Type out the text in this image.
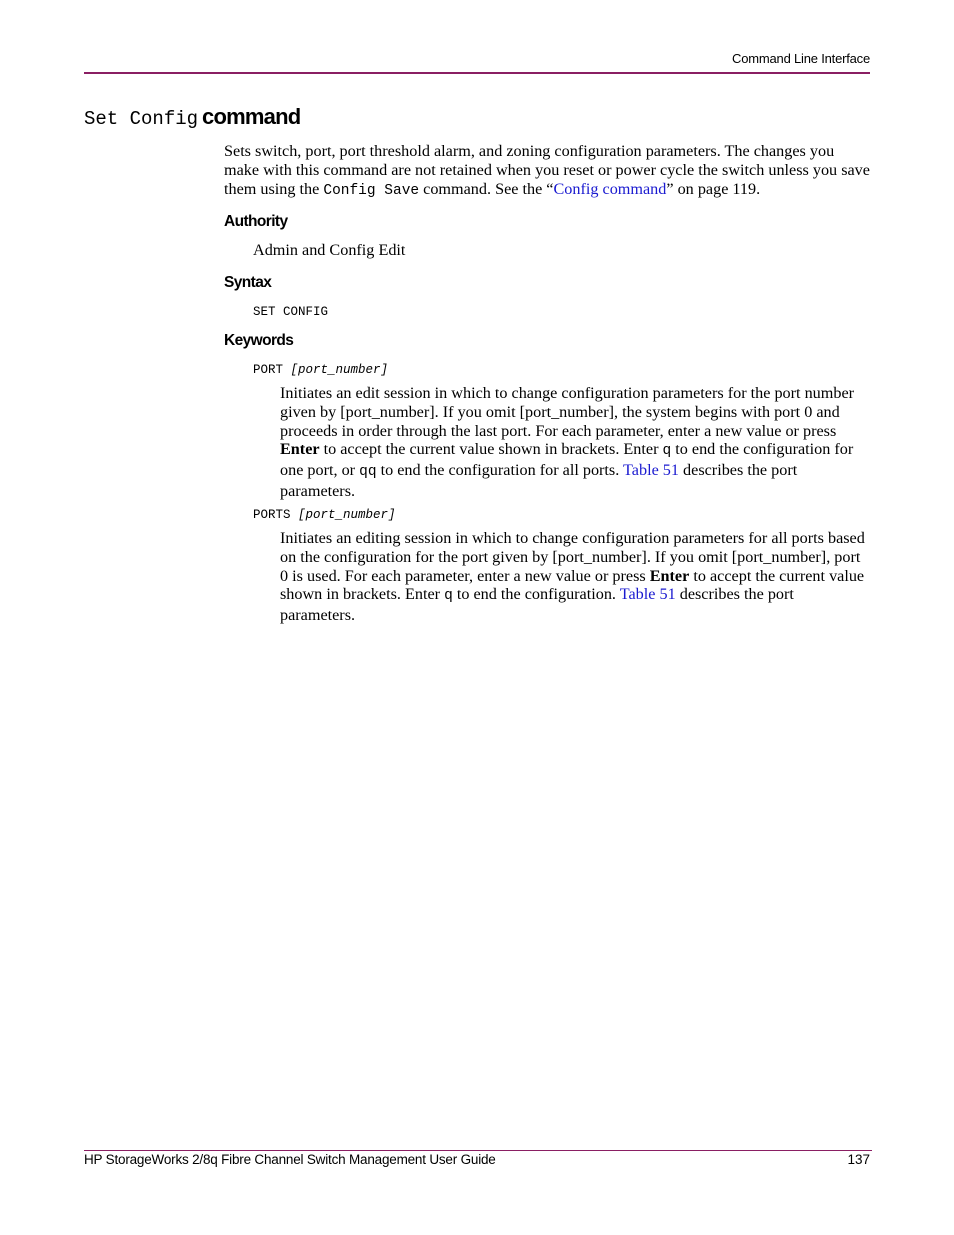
Command Line Interface
Set Config command
Sets switch, port, port threshold alarm, and zoning configuration parameters. The changes you make with this command are not retained when you reset or power cycle the switch unless you save them using the Config Save command. See the “Config command” on page 119.
Authority
Admin and Config Edit
Syntax
SET CONFIG
Keywords
PORT [port_number]
Initiates an edit session in which to change configuration parameters for the port number given by [port_number]. If you omit [port_number], the system begins with port 0 and proceeds in order through the last port. For each parameter, enter a new value or press Enter to accept the current value shown in brackets. Enter q to end the configuration for one port, or qq to end the configuration for all ports. Table 51 describes the port parameters.
PORTS [port_number]
Initiates an editing session in which to change configuration parameters for all ports based on the configuration for the port given by [port_number]. If you omit [port_number], port 0 is used. For each parameter, enter a new value or press Enter to accept the current value shown in brackets. Enter q to end the configuration. Table 51 describes the port parameters.
HP StorageWorks 2/8q Fibre Channel Switch Management User Guide	137
